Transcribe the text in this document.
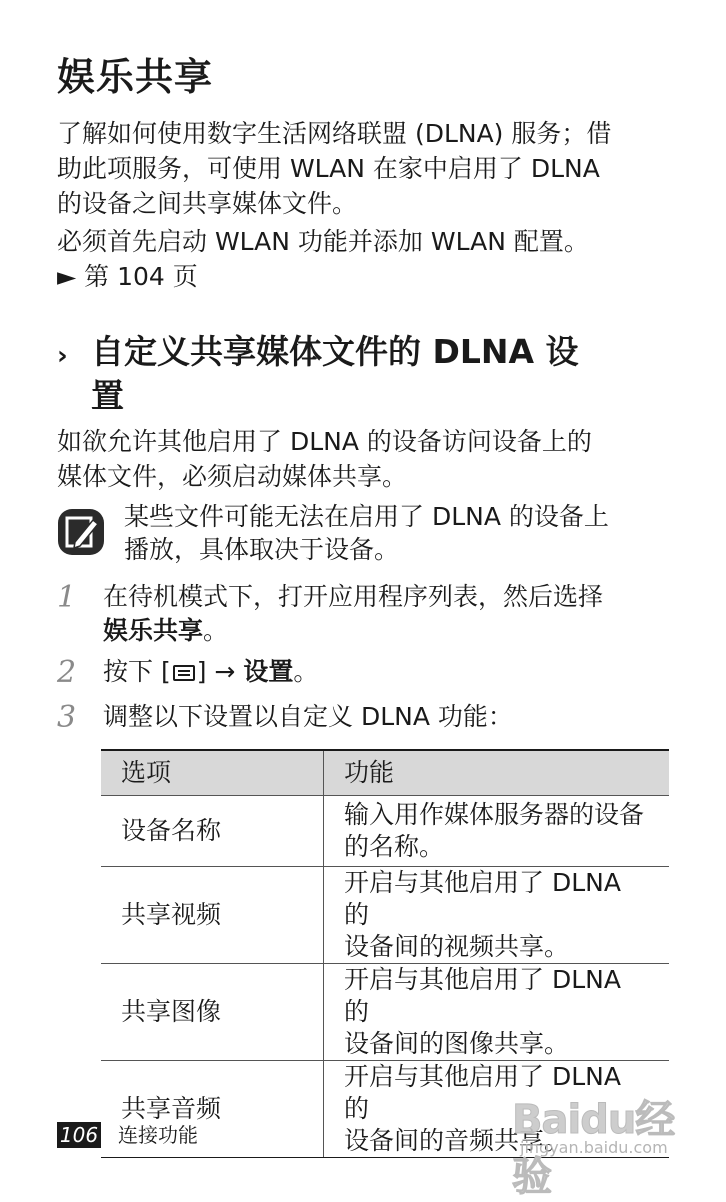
娱乐共享
了解如何使用数字生活网络联盟 (DLNA) 服务；借
助此项服务，可使用 WLAN 在家中启用了 DLNA
的设备之间共享媒体文件。
必须首先启动 WLAN 功能并添加 WLAN 配置。
► 第 104 页
› 自定义共享媒体文件的 DLNA 设
置
如欲允许其他启用了 DLNA 的设备访问设备上的
媒体文件，必须启动媒体共享。
某些文件可能无法在启用了 DLNA 的设备上
播放，具体取决于设备。
1 在待机模式下，打开应用程序列表，然后选择
娱乐共享。
2 按下 [ ] → 设置。
3 调整以下设置以自定义 DLNA 功能：
选项	功能
设备名称	输入用作媒体服务器的设备
的名称。

共享视频	开启与其他启用了 DLNA 的
设备间的视频共享。

共享图像	开启与其他启用了 DLNA 的
设备间的图像共享。

共享音频	开启与其他启用了 DLNA 的
设备间的音频共享。
106 连接功能	Baidu经验
jingyan.baidu.com
